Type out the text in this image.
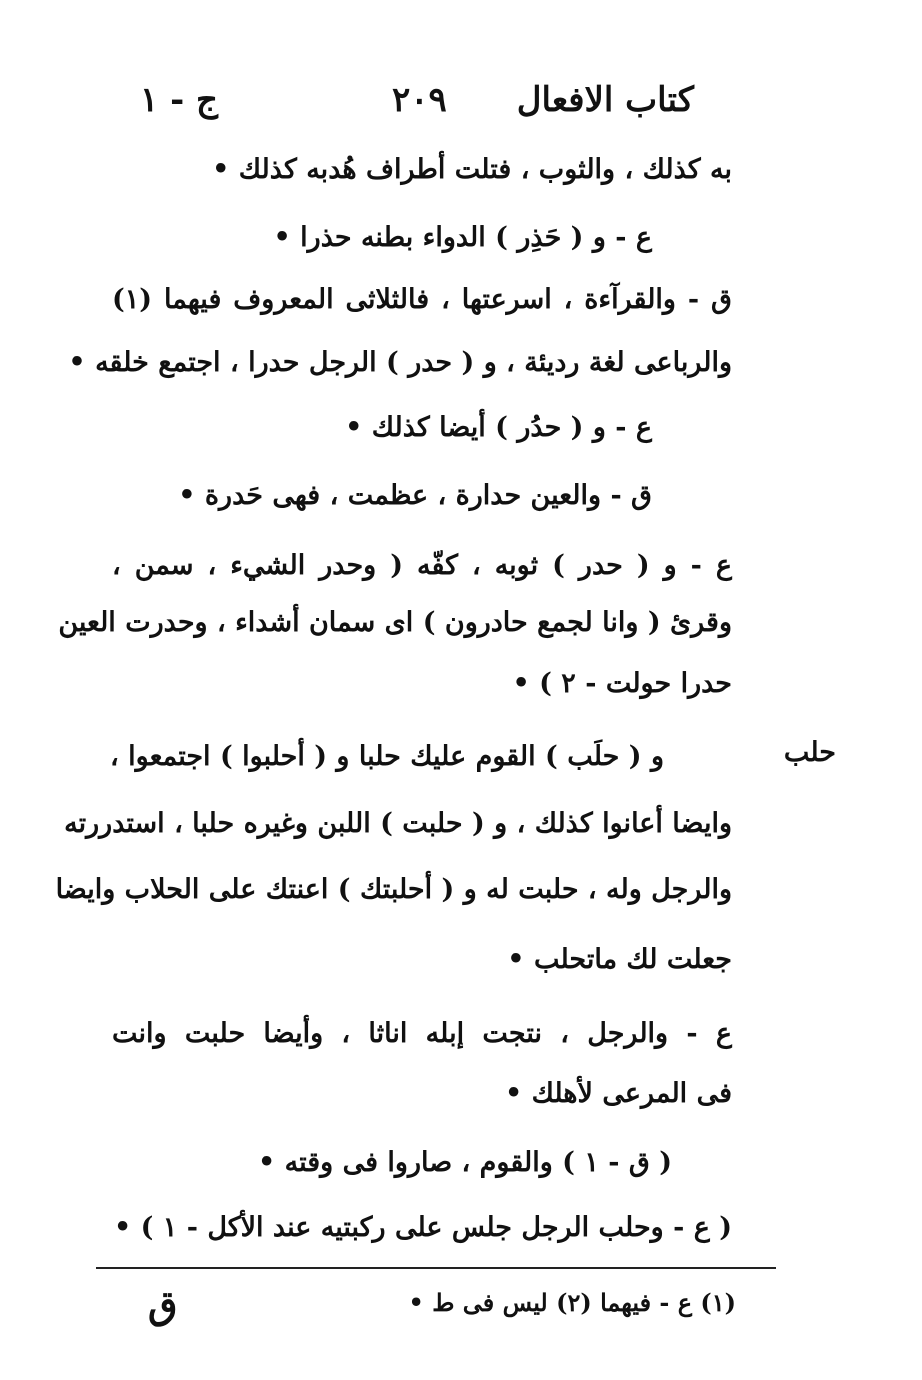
كتاب الافعال
٢٠٩
ج - ١
به كذلك ، والثوب ، فتلت أطراف هُدبه كذلك •
ع - و ( حَذِر ) الدواء بطنه حذرا •
ق - والقرآءة ، اسرعتها ، فالثلاثى المعروف فيهما (١)
والرباعى لغة رديئة ، و ( حدر ) الرجل حدرا ، اجتمع خلقه •
ع - و ( حدُر ) أيضا كذلك •
ق - والعين حدارة ، عظمت ، فهى حَدرة •
ع - و ( حدر ) ثوبه ، كفّه ( وحدر الشيء ، سمن ،
وقرئ ( وانا لجمع حادرون ) اى سمان أشداء ، وحدرت العين
حدرا حولت - ٢ ) •
حلب
و ( حلَب ) القوم عليك حلبا و ( أحلبوا ) اجتمعوا ،
وايضا أعانوا كذلك ، و ( حلبت ) اللبن وغيره حلبا ، استدررته
والرجل وله ، حلبت له و ( أحلبتك ) اعنتك على الحلاب وايضا
جعلت لك ماتحلب •
ع - والرجل ، نتجت إبله اناثا ، وأيضا حلبت وانت
فى المرعى لأهلك •
( ق - ١ ) والقوم ، صاروا فى وقته •
( ع - وحلب الرجل جلس على ركبتيه عند الأكل - ١ ) •
(١) ع - فيهما (٢) ليس فى ط •
ق
